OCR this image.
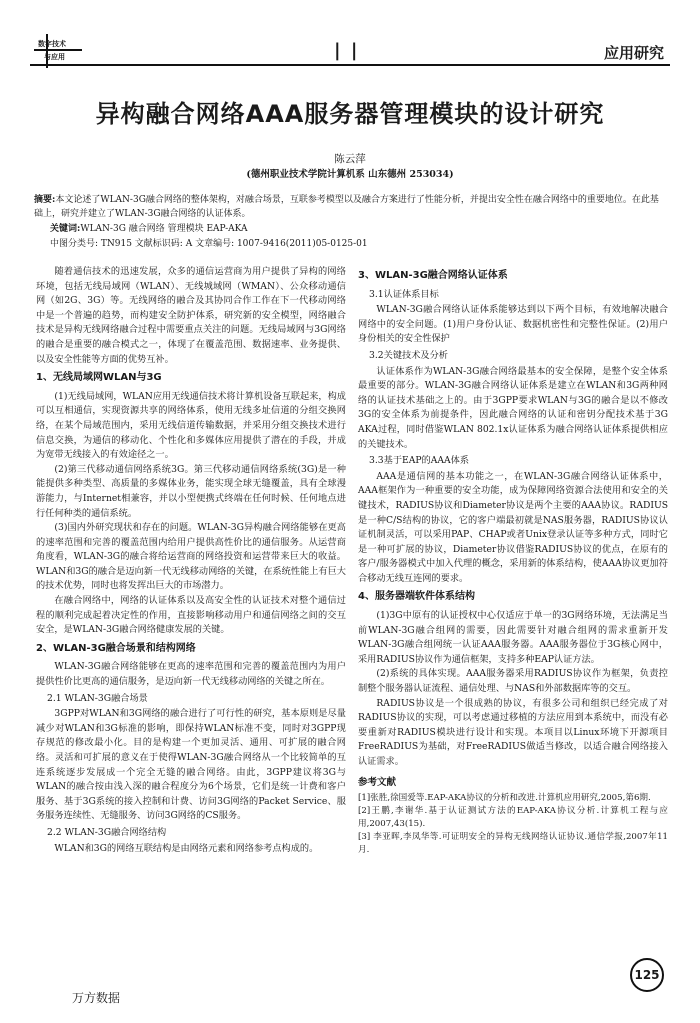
数字技术
与应用	| |	应用研究
异构融合网络AAA服务器管理模块的设计研究
陈云萍
(德州职业技术学院计算机系 山东德州 253034)
摘要:本文论述了WLAN-3G融合网络的整体架构，对融合场景，互联参考模型以及融合方案进行了性能分析，并提出安全性在融合网络中的重要地位。在此基础上，研究并建立了WLAN-3G融合网络的认证体系。
关键词:WLAN-3G 融合网络 管理模块 EAP-AKA
中图分类号: TN915 文献标识码: A 文章编号: 1007-9416(2011)05-0125-01

随着通信技术的迅速发展，众多的通信运营商为用户提供了异构的网络环境，包括无线局域网（WLAN）、无线城域网（WMAN）、公众移动通信网（如2G、3G）等。无线网络的融合及其协同合作工作在下一代移动网络中是一个普遍的趋势，而构建安全防护体系，研究新的安全模型，网络融合技术是异构无线网络融合过程中需要重点关注的问题。无线局域网与3G网络的融合是重要的融合模式之一，体现了在覆盖范围、数据速率、业务提供、以及安全性能等方面的优势互补。

1、无线局域网WLAN与3G

(1)无线局域网，WLAN应用无线通信技术将计算机设备互联起来，构成可以互相通信，实现资源共享的网络体系，使用无线多址信道的分组交换网络，在某个局域范围内，采用无线信道传输数据，并采用分组交换技术进行信息交换，为通信的移动化、个性化和多媒体应用提供了潜在的手段，并成为宽带无线接入的有效途径之一。

(2)第三代移动通信网络系统3G。第三代移动通信网络系统(3G)是一种能提供多种类型、高质量的多媒体业务，能实现全球无缝覆盖，具有全球漫游能力，与Internet相兼容，并以小型便携式终端在任何时候、任何地点进行任何种类的通信系统。

(3)国内外研究现状和存在的问题。WLAN-3G异构融合网络能够在更高的速率范围和完善的覆盖范围内给用户提供高性价比的通信服务。从运营商角度看，WLAN-3G的融合将给运营商的网络投资和运营带来巨大的收益。WLAN和3G的融合是迈向新一代无线移动网络的关键，在系统性能上有巨大的技术优势，同时也将发挥出巨大的市场潜力。

在融合网络中，网络的认证体系以及高安全性的认证技术对整个通信过程的顺利完成起着决定性的作用，直接影响移动用户和通信网络之间的交互安全，是WLAN-3G融合网络健康发展的关键。

2、WLAN-3G融合场景和结构网络

WLAN-3G融合网络能够在更高的速率范围和完善的覆盖范围内为用户提供性价比更高的通信服务，是迈向新一代无线移动网络的关键之所在。

2.1 WLAN-3G融合场景

3GPP对WLAN和3G网络的融合进行了可行性的研究，基本原则是尽量减少对WLAN和3G标准的影响，即保持WLAN标准不变，同时对3GPP现存规范的修改最小化。目的是构建一个更加灵活、通用、可扩展的融合网络。灵活和可扩展的意义在于使得WLAN-3G融合网络从一个比较简单的互连系统逐步发展成一个完全无缝的融合网络。由此，3GPP建议将3G与WLAN的融合按由浅入深的融合程度分为6个场景，它们是统一计费和客户服务、基于3G系统的接入控制和计费、访问3G网络的Packet Service、服务服务连续性、无缝服务、访问3G网络的CS服务。

2.2 WLAN-3G融合网络结构

WLAN和3G的网络互联结构是由网络元素和网络参考点构成的。

3、WLAN-3G融合网络认证体系
3.1认证体系目标

WLAN-3G融合网络认证体系能够达到以下两个目标，有效地解决融合网络中的安全问题。(1)用户身份认证、数据机密性和完整性保证。(2)用户身份相关的安全性保护

3.2关键技术及分析

认证体系作为WLAN-3G融合网络最基本的安全保障，是整个安全体系最重要的部分。WLAN-3G融合网络认证体系是建立在WLAN和3G两种网络的认证技术基础之上的。由于3GPP要求WLAN与3G的融合是以不修改3G的安全体系为前提条件，因此融合网络的认证和密钥分配技术基于3G AKA过程，同时借鉴WLAN 802.1x认证体系为融合网络认证体系提供相应的关键技术。

3.3基于EAP的AAA体系

AAA是通信网的基本功能之一，在WLAN-3G融合网络认证体系中，AAA框架作为一种重要的安全功能，成为保障网络资源合法使用和安全的关键技术，RADIUS协议和Diameter协议是两个主要的AAA协议。RADIUS是一种C/S结构的协议，它的客户端最初就是NAS服务器，RADIUS协议认证机制灵活，可以采用PAP、CHAP或者Unix登录认证等多种方式，同时它是一种可扩展的协议，Diameter协议借鉴RADIUS协议的优点，在原有的客户/服务器模式中加入代理的概念，采用新的体系结构，使AAA协议更加符合移动无线互连网的要求。

4、服务器端软件体系结构

(1)3G中原有的认证授权中心仅适应于单一的3G网络环境，无法满足当前WLAN-3G融合组网的需要，因此需要针对融合组网的需求重新开发WLAN-3G融合组网统一认证AAA服务器。AAA服务器位于3G核心网中，采用RADIUS协议作为通信框架，支持多种EAP认证方法。

(2)系统的具体实现。AAA服务器采用RADIUS协议作为框架，负责控制整个服务器认证流程、通信处理、与NAS和外部数据库等的交互。

RADIUS协议是一个很成熟的协议，有很多公司和组织已经完成了对RADIUS协议的实现，可以考虑通过移植的方法应用到本系统中，而没有必要重新对RADIUS模块进行设计和实现。本项目以Linux环境下开源项目FreeRADIUS为基础，对FreeRADIUS做适当修改，以适合融合网络接入认证需求。

参考文献

[1]张胜,徐国爱等.EAP-AKA协议的分析和改进.计算机应用研究,2005,第6期.

[2]王鹏,李谢华.基于认证测试方法的EAP-AKA协议分析.计算机工程与应用,2007,43(15).

[3] 李亚晖,李凤华等.可证明安全的异构无线网络认证协议.通信学报,2007年11月.

万方数据
125
